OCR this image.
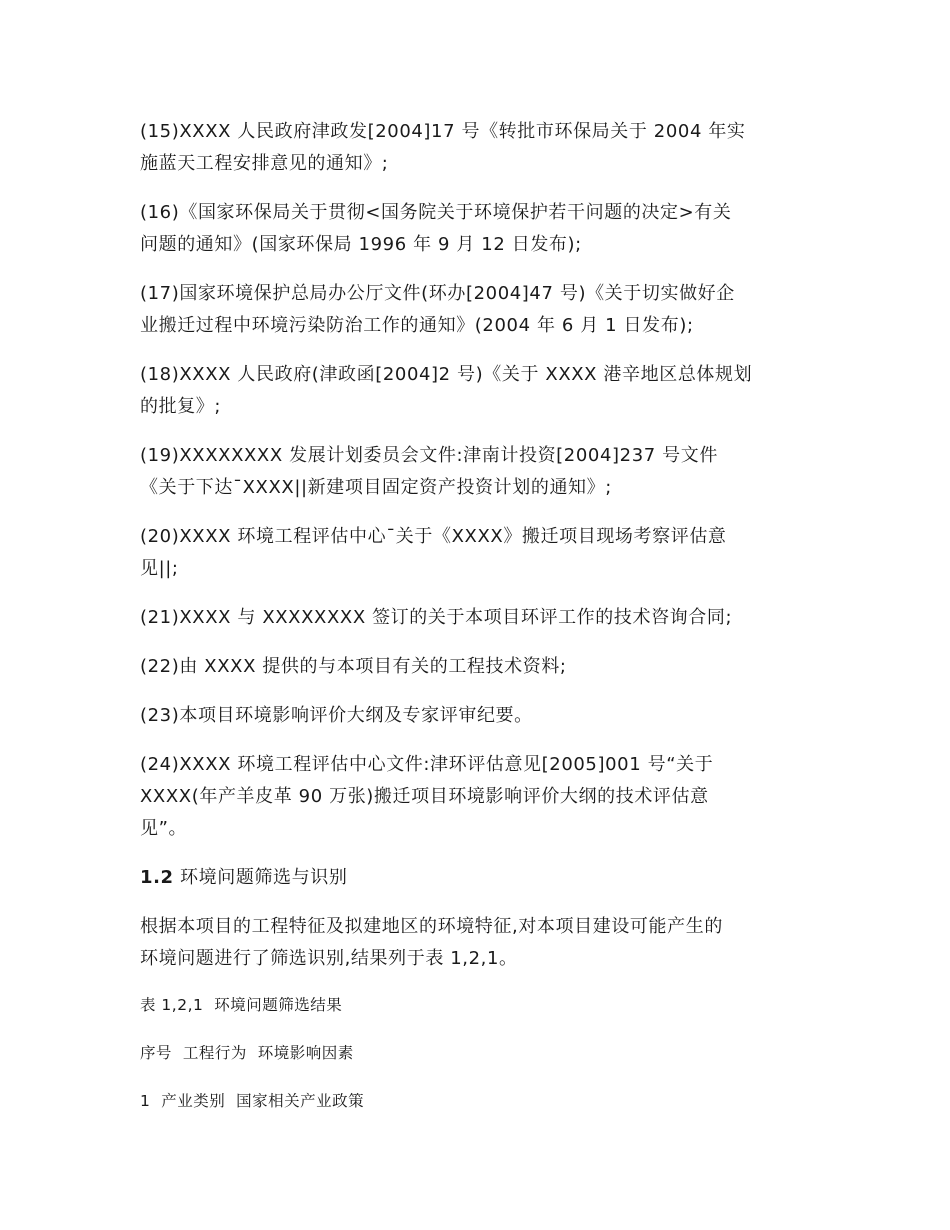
(15)XXXX 人民政府津政发[2004]17 号《转批市环保局关于 2004 年实
施蓝天工程安排意见的通知》;

(16)《国家环保局关于贯彻<国务院关于环境保护若干问题的决定>有关
问题的通知》(国家环保局 1996 年 9 月 12 日发布);

(17)国家环境保护总局办公厅文件(环办[2004]47 号)《关于切实做好企
业搬迁过程中环境污染防治工作的通知》(2004 年 6 月 1 日发布);

(18)XXXX 人民政府(津政函[2004]2 号)《关于 XXXX 港辛地区总体规划
的批复》;

(19)XXXXXXXX 发展计划委员会文件:津南计投资[2004]237 号文件
《关于下达¯XXXX||新建项目固定资产投资计划的通知》;

(20)XXXX 环境工程评估中心¯关于《XXXX》搬迁项目现场考察评估意
见||;

(21)XXXX 与 XXXXXXXX 签订的关于本项目环评工作的技术咨询合同;

(22)由 XXXX 提供的与本项目有关的工程技术资料;

(23)本项目环境影响评价大纲及专家评审纪要。

(24)XXXX 环境工程评估中心文件:津环评估意见[2005]001 号“关于
XXXX(年产羊皮革 90 万张)搬迁项目环境影响评价大纲的技术评估意
见”。

1.2 环境问题筛选与识别

根据本项目的工程特征及拟建地区的环境特征,对本项目建设可能产生的
环境问题进行了筛选识别,结果列于表 1,2,1。

表 1,2,1  环境问题筛选结果

序号  工程行为  环境影响因素

1  产业类别  国家相关产业政策
